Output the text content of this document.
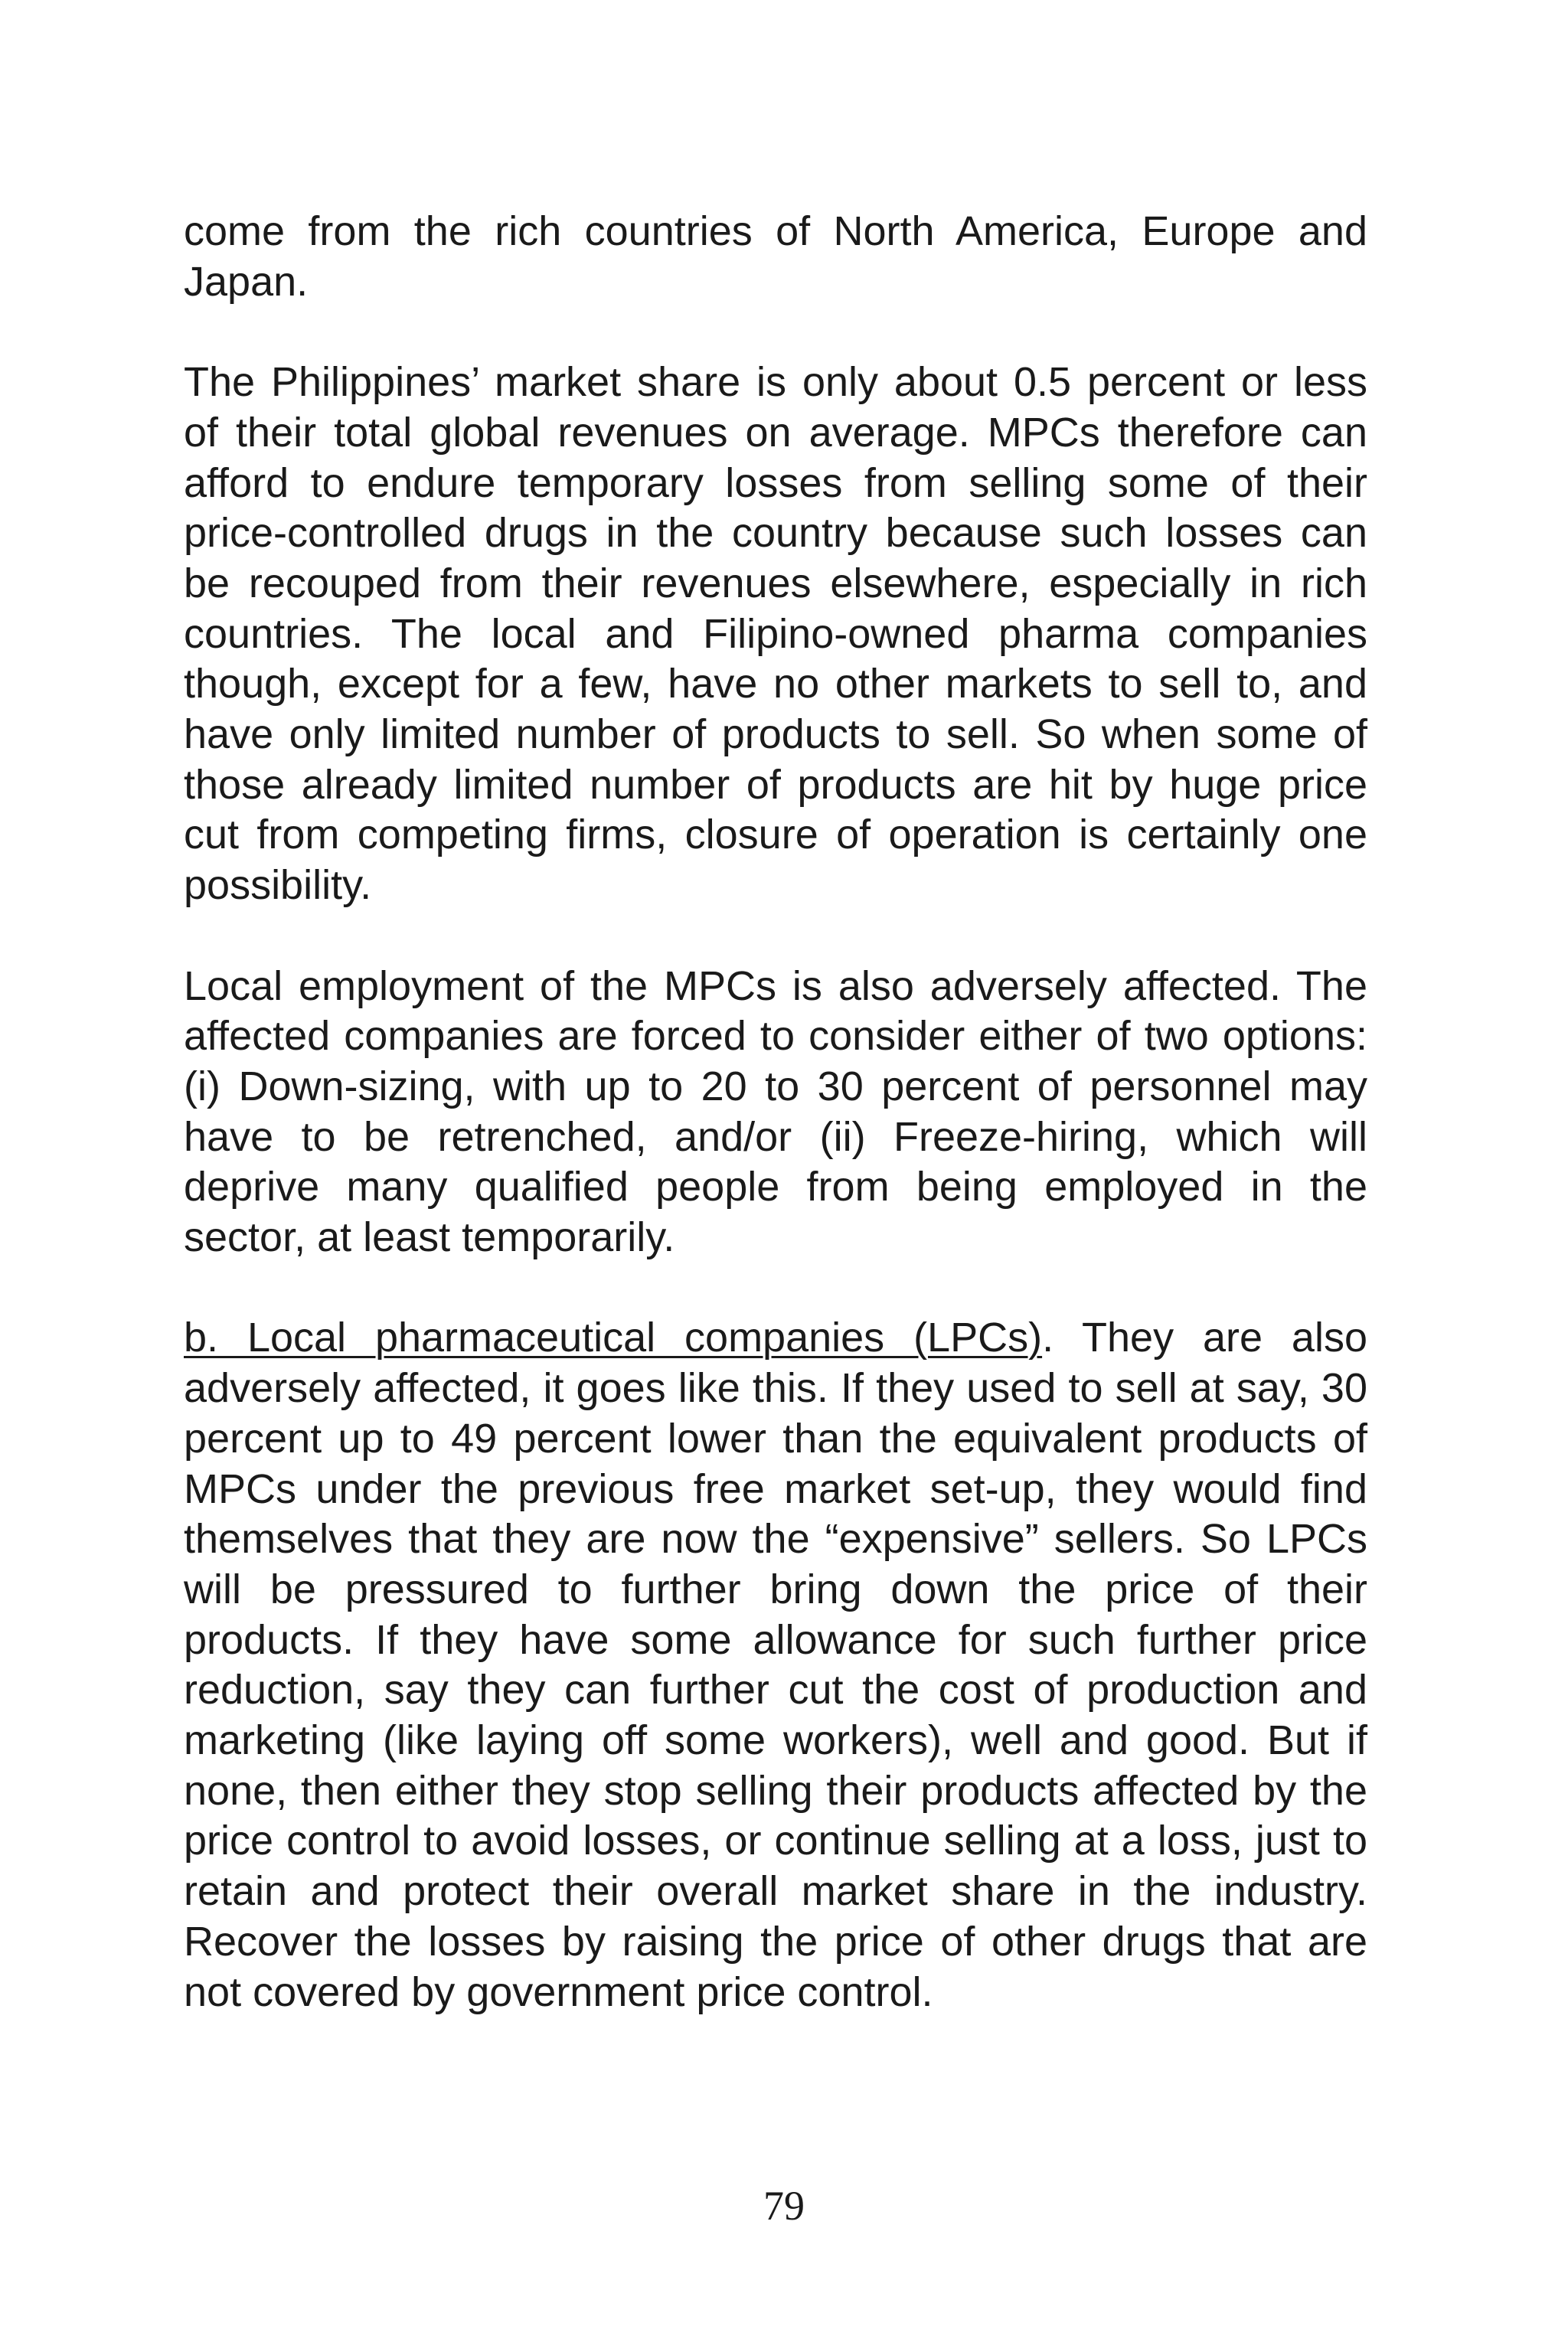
come from the rich countries of North America, Europe and Japan.

The Philippines’ market share is only about 0.5 percent or less of their total global revenues on average. MPCs therefore can afford to endure temporary losses from selling some of their price-controlled drugs in the country because such losses can be recouped from their revenues elsewhere, especially in rich countries. The local and Filipino-owned pharma companies though, except for a few, have no other markets to sell to, and have only limited number of products to sell. So when some of those already limited number of products are hit by huge price cut from competing firms, closure of operation is certainly one possibility.

Local employment of the MPCs is also adversely affected. The affected companies are forced to consider either of two options: (i) Down-sizing, with up to 20 to 30 percent of personnel may have to be retrenched, and/or (ii) Freeze-hiring, which will deprive many qualified people from being employed in the sector, at least temporarily.

b. Local pharmaceutical companies (LPCs). They are also adversely affected, it goes like this. If they used to sell at say, 30 percent up to 49 percent lower than the equivalent products of MPCs under the previous free market set-up, they would find themselves that they are now the “expensive” sellers. So LPCs will be pressured to further bring down the price of their products. If they have some allowance for such further price reduction, say they can further cut the cost of production and marketing (like laying off some workers), well and good. But if none, then either they stop selling their products affected by the price control to avoid losses, or continue selling at a loss, just to retain and protect their overall market share in the industry. Recover the losses by raising the price of other drugs that are not covered by government price control.

79
